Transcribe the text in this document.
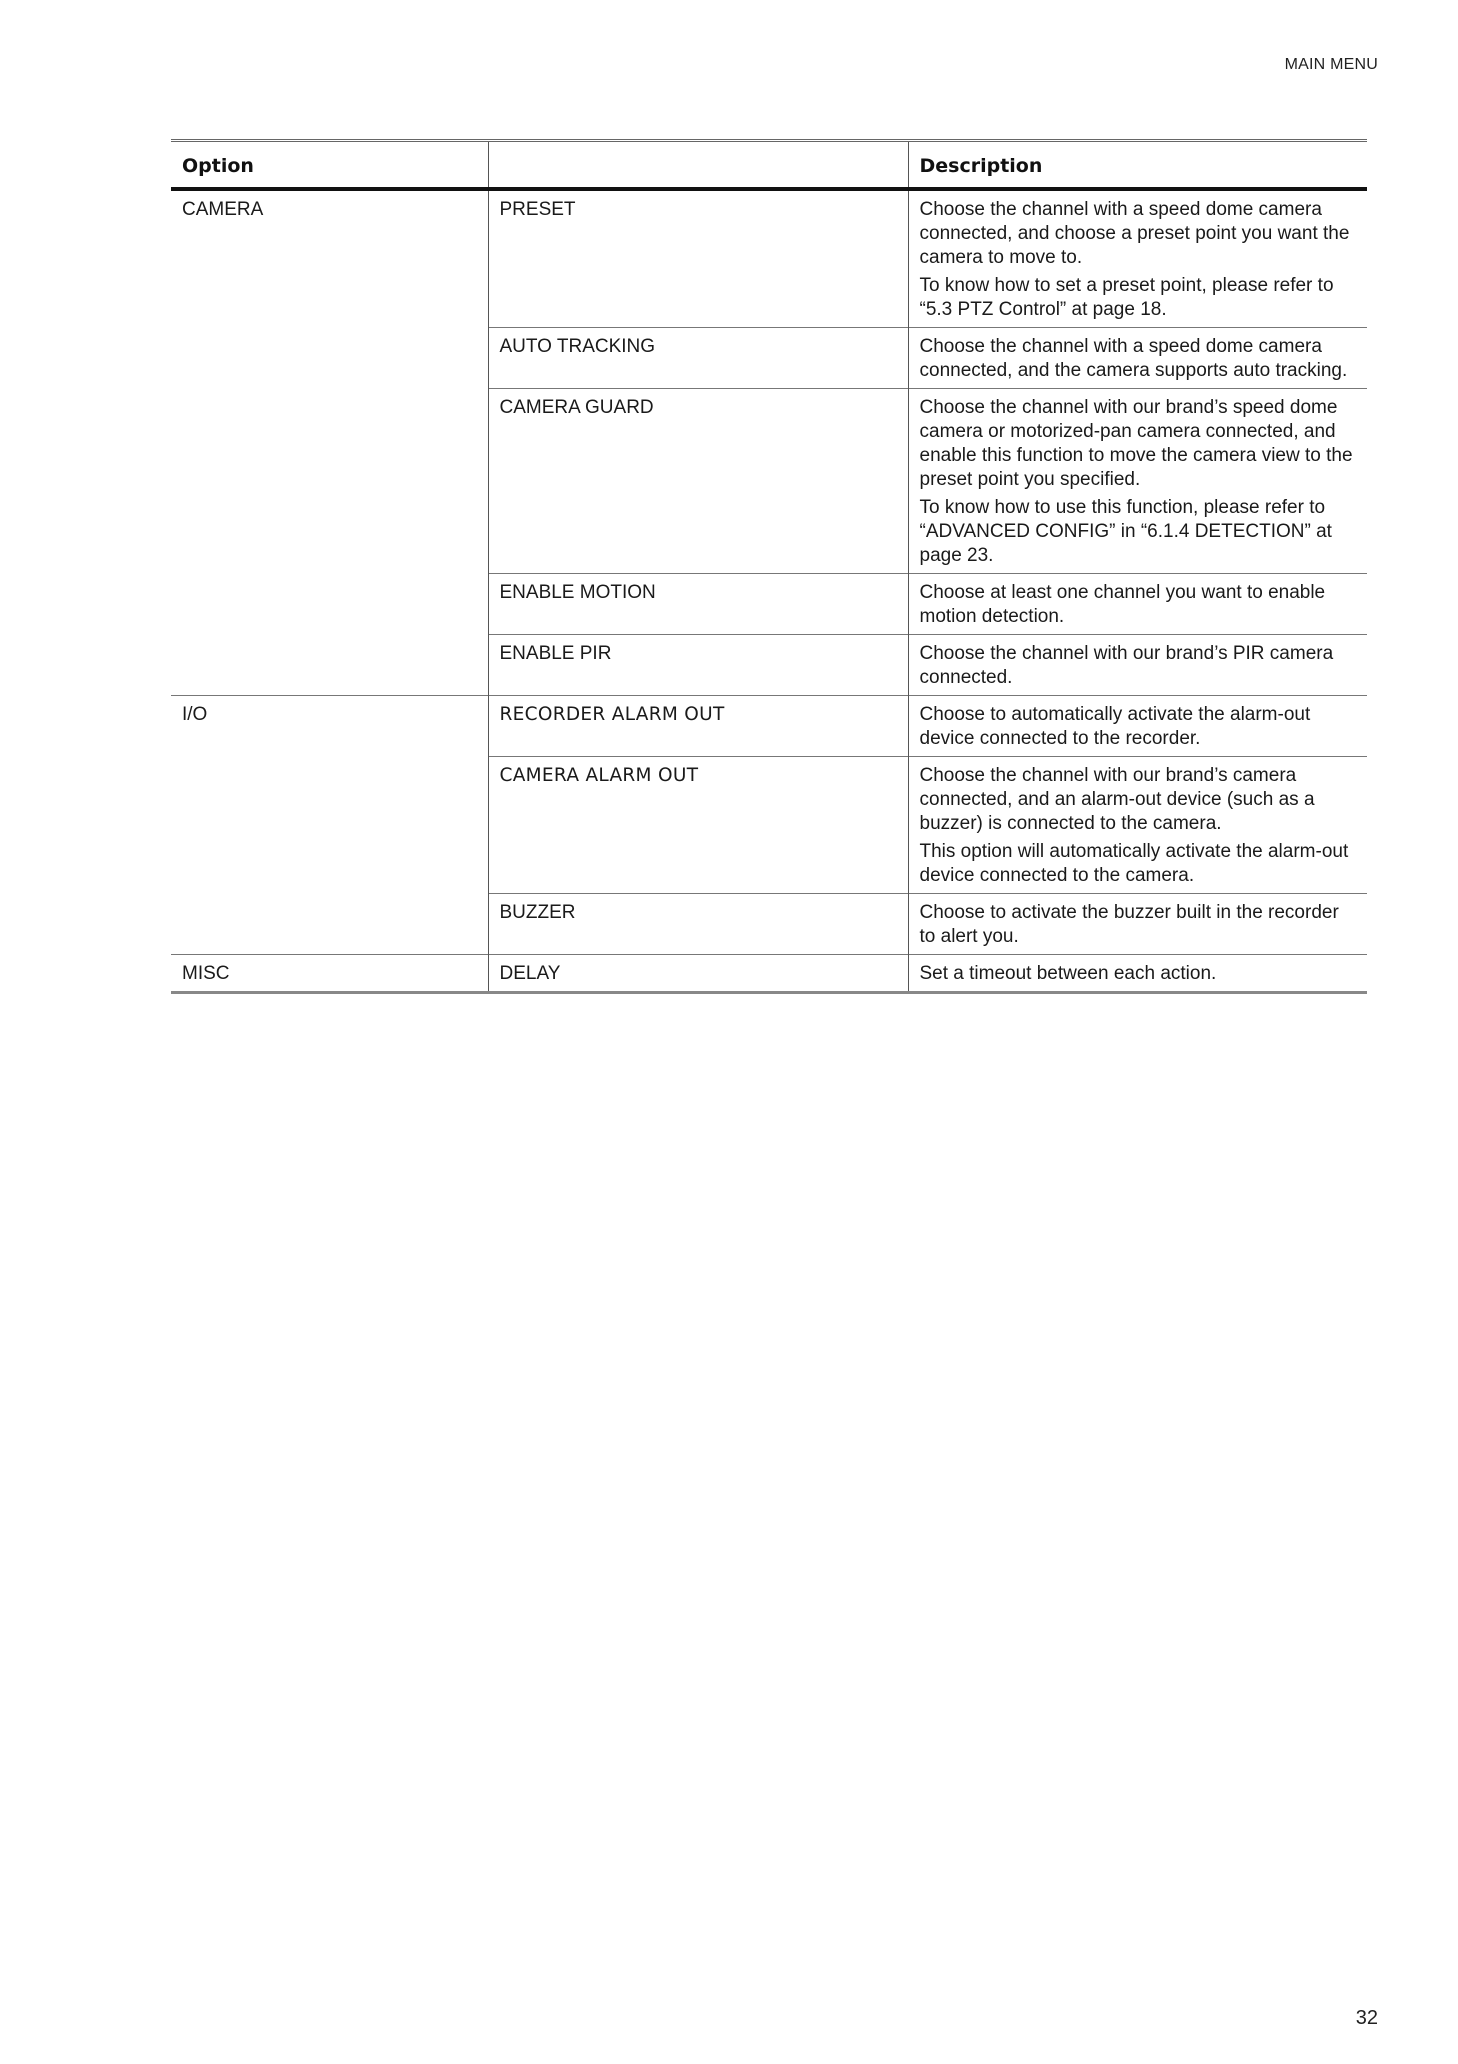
MAIN MENU
Option		Description
CAMERA	PRESET	Choose the channel with a speed dome camera connected, and choose a preset point you want the camera to move to.
To know how to set a preset point, please refer to “5.3 PTZ Control” at page 18.

	AUTO TRACKING	Choose the channel with a speed dome camera connected, and the camera supports auto tracking.

	CAMERA GUARD	Choose the channel with our brand’s speed dome camera or motorized-pan camera connected, and enable this function to move the camera view to the preset point you specified.
To know how to use this function, please refer to “ADVANCED CONFIG” in “6.1.4 DETECTION” at page 23.

	ENABLE MOTION	Choose at least one channel you want to enable motion detection.

	ENABLE PIR	Choose the channel with our brand’s PIR camera connected.

I/O	RECORDER ALARM OUT	Choose to automatically activate the alarm-out device connected to the recorder.

	CAMERA ALARM OUT	Choose the channel with our brand’s camera connected, and an alarm-out device (such as a buzzer) is connected to the camera.
This option will automatically activate the alarm-out device connected to the camera.

	BUZZER	Choose to activate the buzzer built in the recorder to alert you.

MISC	DELAY	Set a timeout between each action.
32
